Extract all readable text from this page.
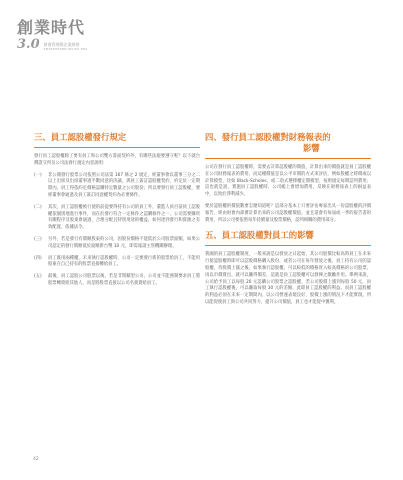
創業時代
3.0 財會管理與企業經營
ENTREPRENEURSHIP ERA
三、員工認股權發行規定

發行員工認股權除了要有員工和公司雙方書面契約外，有哪些法規要遵守呢？以下就台灣證交所及公司法發行規定內容說明：

(一)	非公開發行股票公司依照公司法第 167 條之 2 規定，經董事會以董事三分之二以上出席及出席董事過半數同意的決議，與員工簽訂認股權契約，約定於一定期間內，員工得依約定價格認購特定數量之公司股份；所以要發行員工認股權，要經董事會通過及員工簽訂同意權契約為必要條件。
(二)	其次，員工認股權被行使的前提要得持有公司的員工外，董監人員目前員工認股權依個別地進行事件，而在於發行符合一定條件之認購條件之一，公司需要購買有關程序及股東會通過，合理分配且特別用途的權益，如何達到發行和資源之有效配置，依據法令。
(三)	另外，若是發行有價額股東的公司，因股份價格不能低於公司股票面額，如果公司認定的發行價額低於面額新台幣 10 元，即需報請主管機關辦理。
(四)	員工既用兩種權，未來執行認股權時，公司一定要發行新的股票給員工，不能用股東在自己持有的股票直接轉給員工。
(五)	最後，員工認股公司股票以後，若是非閉鎖型公司，公司並不能強制要求員工將股票轉賣給其他人，而是將股票直接以公司名義賣給員工。
四、發行員工認股權對財務報表的
影響

公司在發行員工認股權時，需要去計算認股權的價值，計算出來的價值就是員工認股權在公司財務報表的費用，而這種價值是以公平市價的方式來評估，例如股權之時價或以計算模型，比如 Black-Scholes，或二項式選擇權定價模型，按照規定每期認列費用；這也就是說，實施員工認股權時，公司帳上會增加費用，反映在財務報表上的損益表中，以致於淨利減少。

要於認股權的價值數要怎麼知道呢？這部分基本上只要評估專家出具一份認股權的評價報告，經由財會內部審計算出來的公司認股權價值，並且還會有每屆或一季的報告書的費用，所以公司要依照每年持續量及股票價格，認列相關的費用部分。

五、員工認股權對員工的影響

我國的員工認股權制度，一般來說是以發放之日起始，其公司股價比較高時員工在未來行使認股權時即可以認股價格購入股份，或者公司在每年發放之後，員工持有公司的認股權，待股價上漲之後，如果執行認股權，可以較低的價格買入較高價格的公司股票，再以市價賣出，就可以賺得價差，這就是員工認股權可以發揮之激勵作用。舉例來說，公司給予員工以每股 20 元認購公司股票之認股權，若公司股價上漲到每股 50 元，員工執行認股權後，可以賺取每股 30 元的差額，此即員工認股權的利益。而員工認股權的利益必須在未來一定期間內，以公司營運表現良好、股價上漲的情況下才能實現，所以能促使員工與公司共同努力，提升公司價值，員工也才能從中獲利。

42
